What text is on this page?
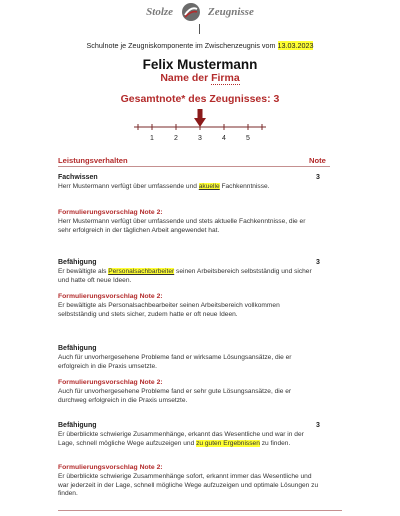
Stolze	Zeugnisse
Schulnote je Zeugniskomponente im Zwischenzeugnis vom 13.03.2023
Felix Mustermann
Name der Firma
Gesamtnote* des Zeugnisses: 3
1	2	3	4	5
Leistungsverhalten	Note
Fachwissen	3
Herr Mustermann verfügt über umfassende und akuelle Fachkenntnisse.
Formulierungsvorschlag Note 2:
Herr Mustermann verfügt über umfassende und stets aktuelle Fachkenntnisse, die er sehr erfolgreich in der täglichen Arbeit angewendet hat.
Befähigung	3
Er bewältigte als Personalsachbarbeiter seinen Arbeitsbereich selbstständig und sicher und hatte oft neue Ideen.
Formulierungsvorschlag Note 2:
Er bewältigte als Personalsachbearbeiter seinen Arbeitsbereich vollkommen selbstständig und stets sicher, zudem hatte er oft neue Ideen.
Befähigung
Auch für unvorhergesehene Probleme fand er wirksame Lösungsansätze, die er erfolgreich in die Praxis umsetzte.
Formulierungsvorschlag Note 2:
Auch für unvorhergesehene Probleme fand er sehr gute Lösungsansätze, die er durchweg erfolgreich in die Praxis umsetzte.
Befähigung	3
Er überblickte schwierige Zusammenhänge, erkannt das Wesentliche und war in der Lage, schnell mögliche Wege aufzuzeigen und zu guten Ergebnissen zu finden.
Formulierungsvorschlag Note 2:
Er überblickte schwierige Zusammenhänge sofort, erkannt immer das Wesentliche und war jederzeit in der Lage, schnell mögliche Wege aufzuzeigen und optimale Lösungen zu finden.
